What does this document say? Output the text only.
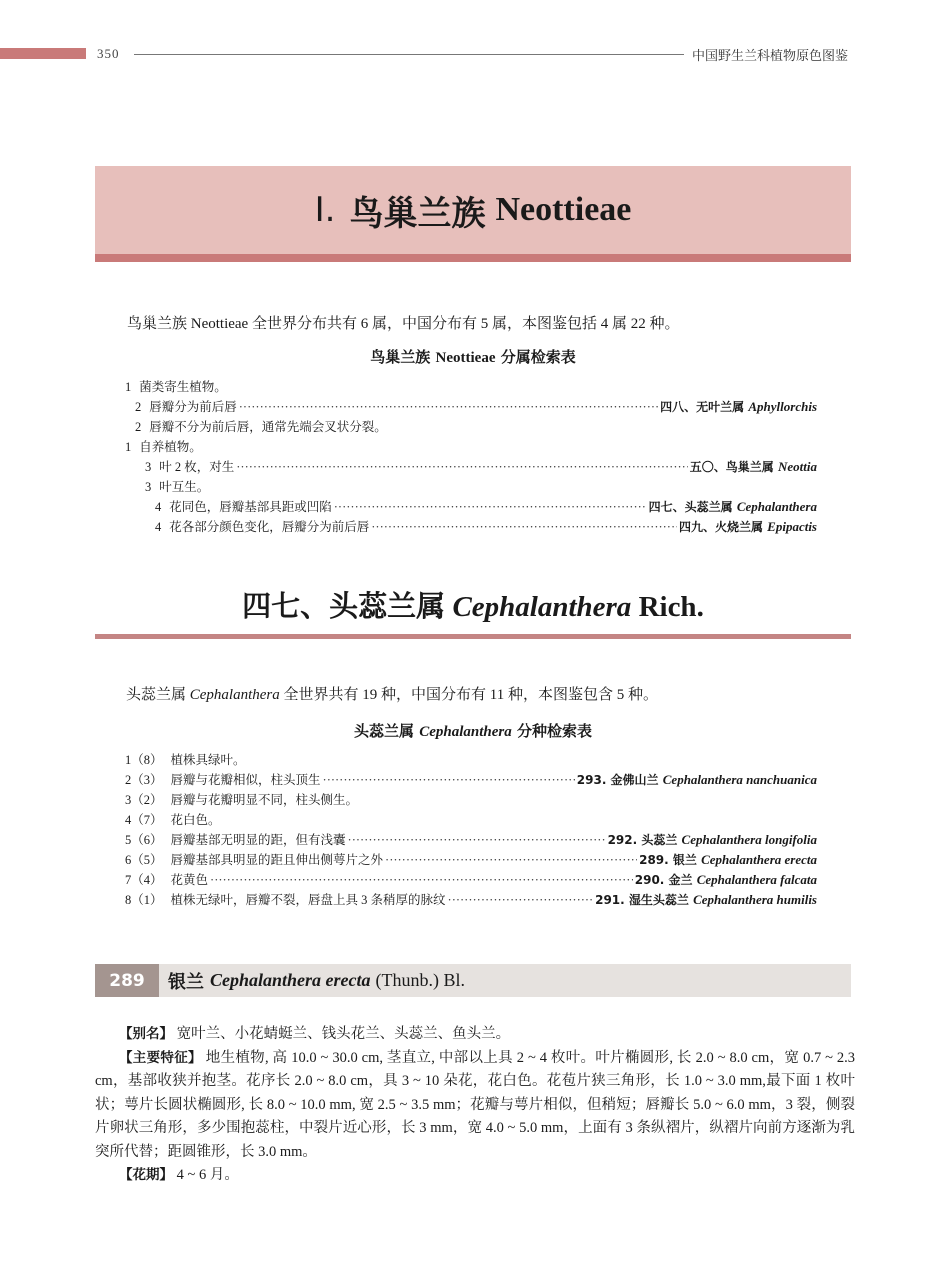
350	中国野生兰科植物原色图鉴
I. 鸟巢兰族 Neottieae
鸟巢兰族 Neottieae 全世界分布共有 6 属，中国分布有 5 属，本图鉴包括 4 属 22 种。
鸟巢兰族 Neottieae 分属检索表
1 菌类寄生植物。
2 唇瓣分为前后唇 ·····	四八、无叶兰属 Aphyllorchis
2 唇瓣不分为前后唇，通常先端会叉状分裂。
1 自养植物。
3 叶 2 枚，对生 ·····	五〇、鸟巢兰属 Neottia
3 叶互生。
4 花同色，唇瓣基部具距或凹陷 ·····	四七、头蕊兰属 Cephalanthera
4 花各部分颜色变化，唇瓣分为前后唇 ·····	四九、火烧兰属 Epipactis
四七、头蕊兰属 Cephalanthera Rich.
头蕊兰属 Cephalanthera 全世界共有 19 种，中国分布有 11 种，本图鉴包含 5 种。
头蕊兰属 Cephalanthera 分种检索表
1（8） 植株具绿叶。
2（3） 唇瓣与花瓣相似，柱头顶生 ·····	293. 金佛山兰 Cephalanthera nanchuanica
3（2） 唇瓣与花瓣明显不同，柱头侧生。
4（7） 花白色。
5（6） 唇瓣基部无明显的距，但有浅囊 ·····	292. 头蕊兰 Cephalanthera longifolia
6（5） 唇瓣基部具明显的距且伸出侧萼片之外 ·····	289. 银兰 Cephalanthera erecta
7（4） 花黄色 ·····	290. 金兰 Cephalanthera falcata
8（1） 植株无绿叶，唇瓣不裂，唇盘上具 3 条稍厚的脉纹 ·····	291. 湿生头蕊兰 Cephalanthera humilis
289	银兰 Cephalanthera erecta (Thunb.) Bl.

【别名】 宽叶兰、小花蜻蜓兰、钱头花兰、头蕊兰、鱼头兰。

【主要特征】 地生植物, 高 10.0 ~ 30.0 cm, 茎直立, 中部以上具 2 ~ 4 枚叶。叶片椭圆形, 长 2.0 ~ 8.0 cm，宽 0.7 ~ 2.3 cm，基部收狭并抱茎。花序长 2.0 ~ 8.0 cm，具 3 ~ 10 朵花，花白色。花苞片狭三角形，长 1.0 ~ 3.0 mm,最下面 1 枚叶状；萼片长圆状椭圆形, 长 8.0 ~ 10.0 mm, 宽 2.5 ~ 3.5 mm；花瓣与萼片相似，但稍短；唇瓣长 5.0 ~ 6.0 mm，3 裂，侧裂片卵状三角形，多少围抱蕊柱，中裂片近心形，长 3 mm，宽 4.0 ~ 5.0 mm，上面有 3 条纵褶片，纵褶片向前方逐渐为乳突所代替；距圆锥形，长 3.0 mm。

【花期】 4 ~ 6 月。
